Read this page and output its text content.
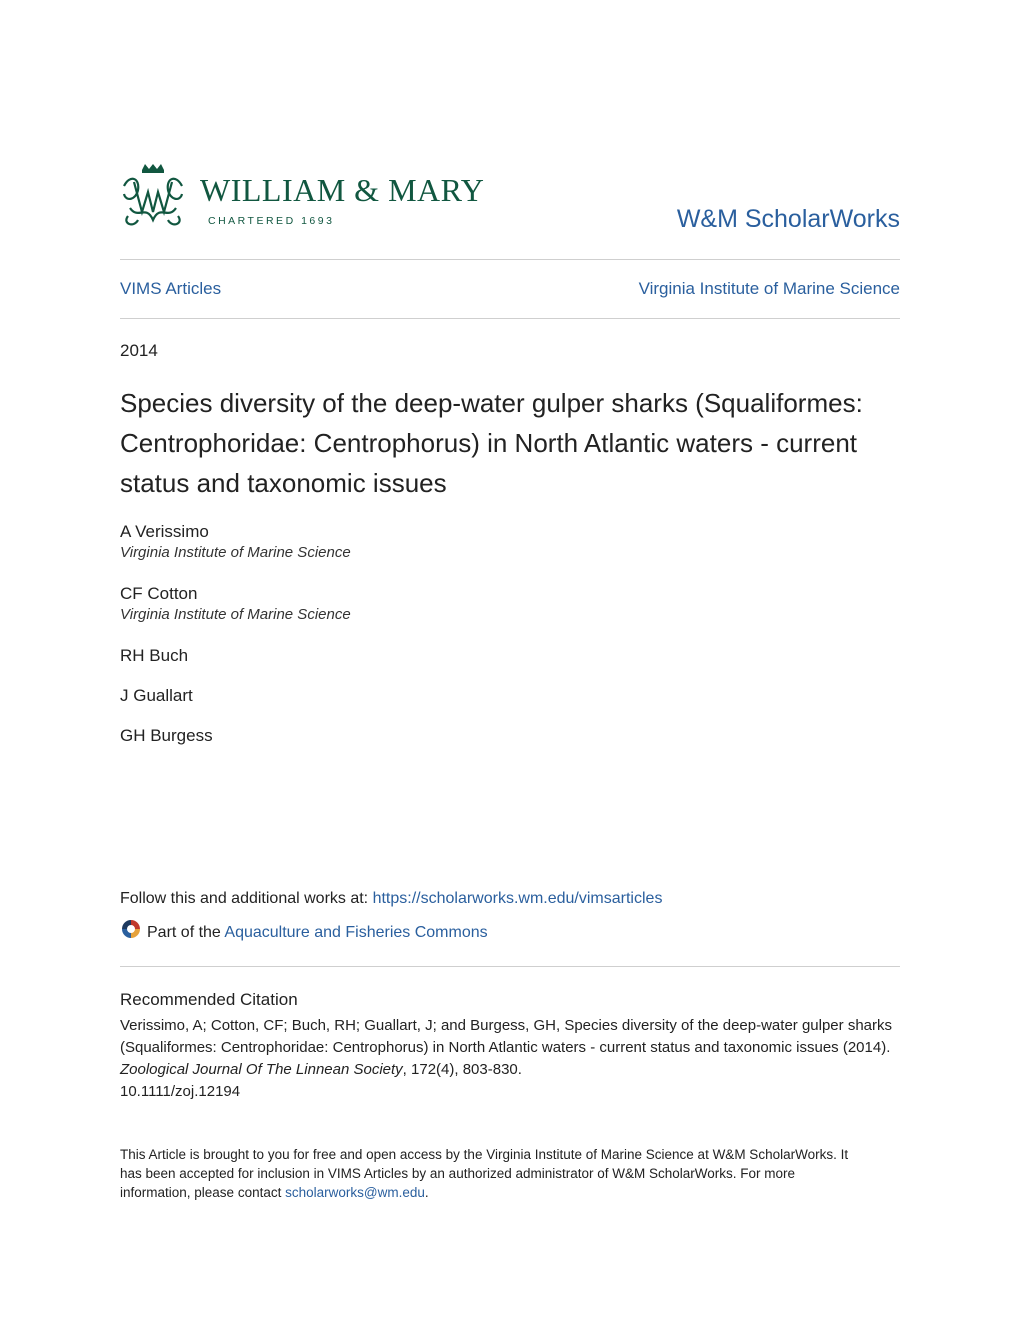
WILLIAM & MARY
CHARTERED 1693	W&M ScholarWorks
VIMS Articles	Virginia Institute of Marine Science
2014
Species diversity of the deep-water gulper sharks (Squaliformes: Centrophoridae: Centrophorus) in North Atlantic waters - current status and taxonomic issues
A Verissimo
Virginia Institute of Marine Science
CF Cotton
Virginia Institute of Marine Science
RH Buch
J Guallart
GH Burgess
Follow this and additional works at: https://scholarworks.wm.edu/vimsarticles
Part of the Aquaculture and Fisheries Commons
Recommended Citation
Verissimo, A; Cotton, CF; Buch, RH; Guallart, J; and Burgess, GH, Species diversity of the deep-water gulper sharks (Squaliformes: Centrophoridae: Centrophorus) in North Atlantic waters - current status and taxonomic issues (2014). Zoological Journal Of The Linnean Society, 172(4), 803-830.
10.1111/zoj.12194
This Article is brought to you for free and open access by the Virginia Institute of Marine Science at W&M ScholarWorks. It has been accepted for inclusion in VIMS Articles by an authorized administrator of W&M ScholarWorks. For more information, please contact scholarworks@wm.edu.
